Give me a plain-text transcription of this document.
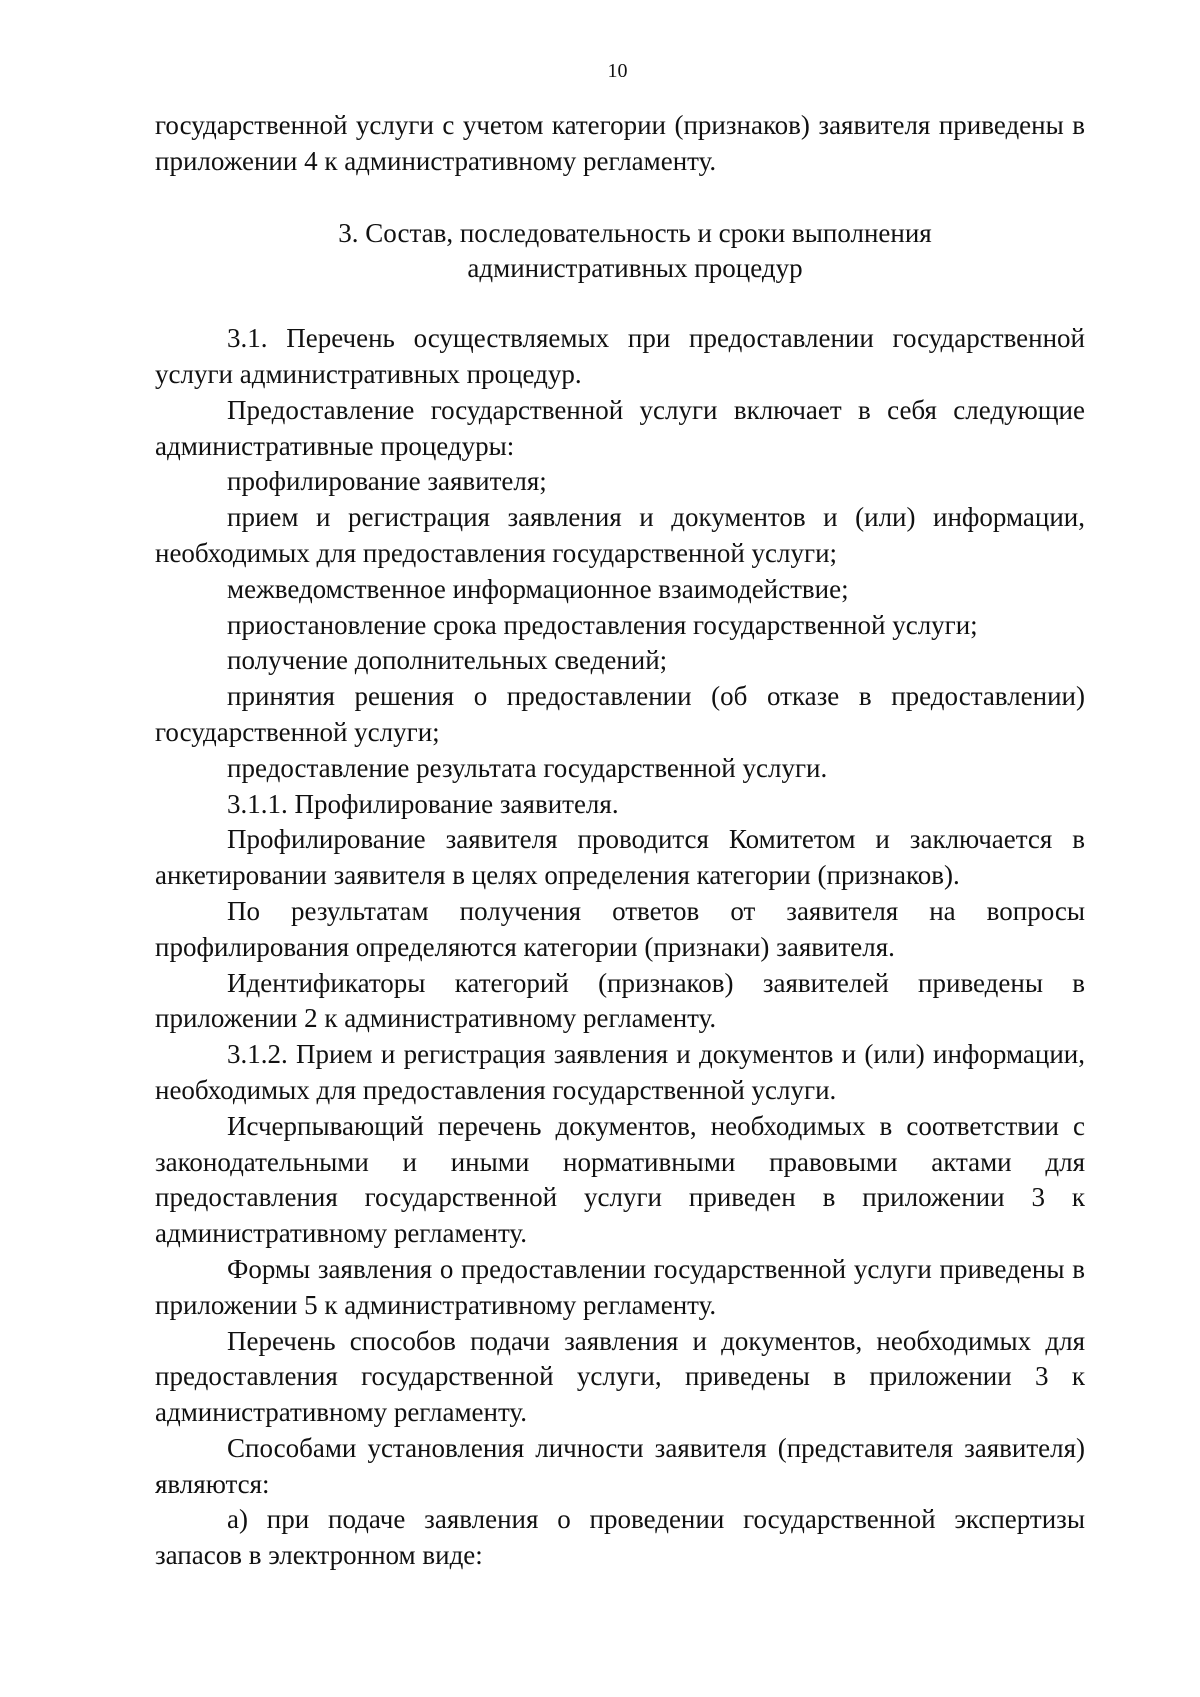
10

государственной услуги с учетом категории (признаков) заявителя приведены в приложении 4 к административному регламенту.

3. Состав, последовательность и сроки выполнения
административных процедур

3.1. Перечень осуществляемых при предоставлении государственной услуги административных процедур.

Предоставление государственной услуги включает в себя следующие административные процедуры:

профилирование заявителя;

прием и регистрация заявления и документов и (или) информации, необходимых для предоставления государственной услуги;

межведомственное информационное взаимодействие;

приостановление срока предоставления государственной услуги;

получение дополнительных сведений;

принятия решения о предоставлении (об отказе в предоставлении) государственной услуги;

предоставление результата государственной услуги.

3.1.1. Профилирование заявителя.

Профилирование заявителя проводится Комитетом и заключается в анкетировании заявителя в целях определения категории (признаков).

По результатам получения ответов от заявителя на вопросы профилирования определяются категории (признаки) заявителя.

Идентификаторы категорий (признаков) заявителей приведены в приложении 2 к административному регламенту.

3.1.2. Прием и регистрация заявления и документов и (или) информации, необходимых для предоставления государственной услуги.

Исчерпывающий перечень документов, необходимых в соответствии с законодательными и иными нормативными правовыми актами для предоставления государственной услуги приведен в приложении 3 к административному регламенту.

Формы заявления о предоставлении государственной услуги приведены в приложении 5 к административному регламенту.

Перечень способов подачи заявления и документов, необходимых для предоставления государственной услуги, приведены в приложении 3 к административному регламенту.

Способами установления личности заявителя (представителя заявителя) являются:

а) при подаче заявления о проведении государственной экспертизы запасов в электронном виде:
